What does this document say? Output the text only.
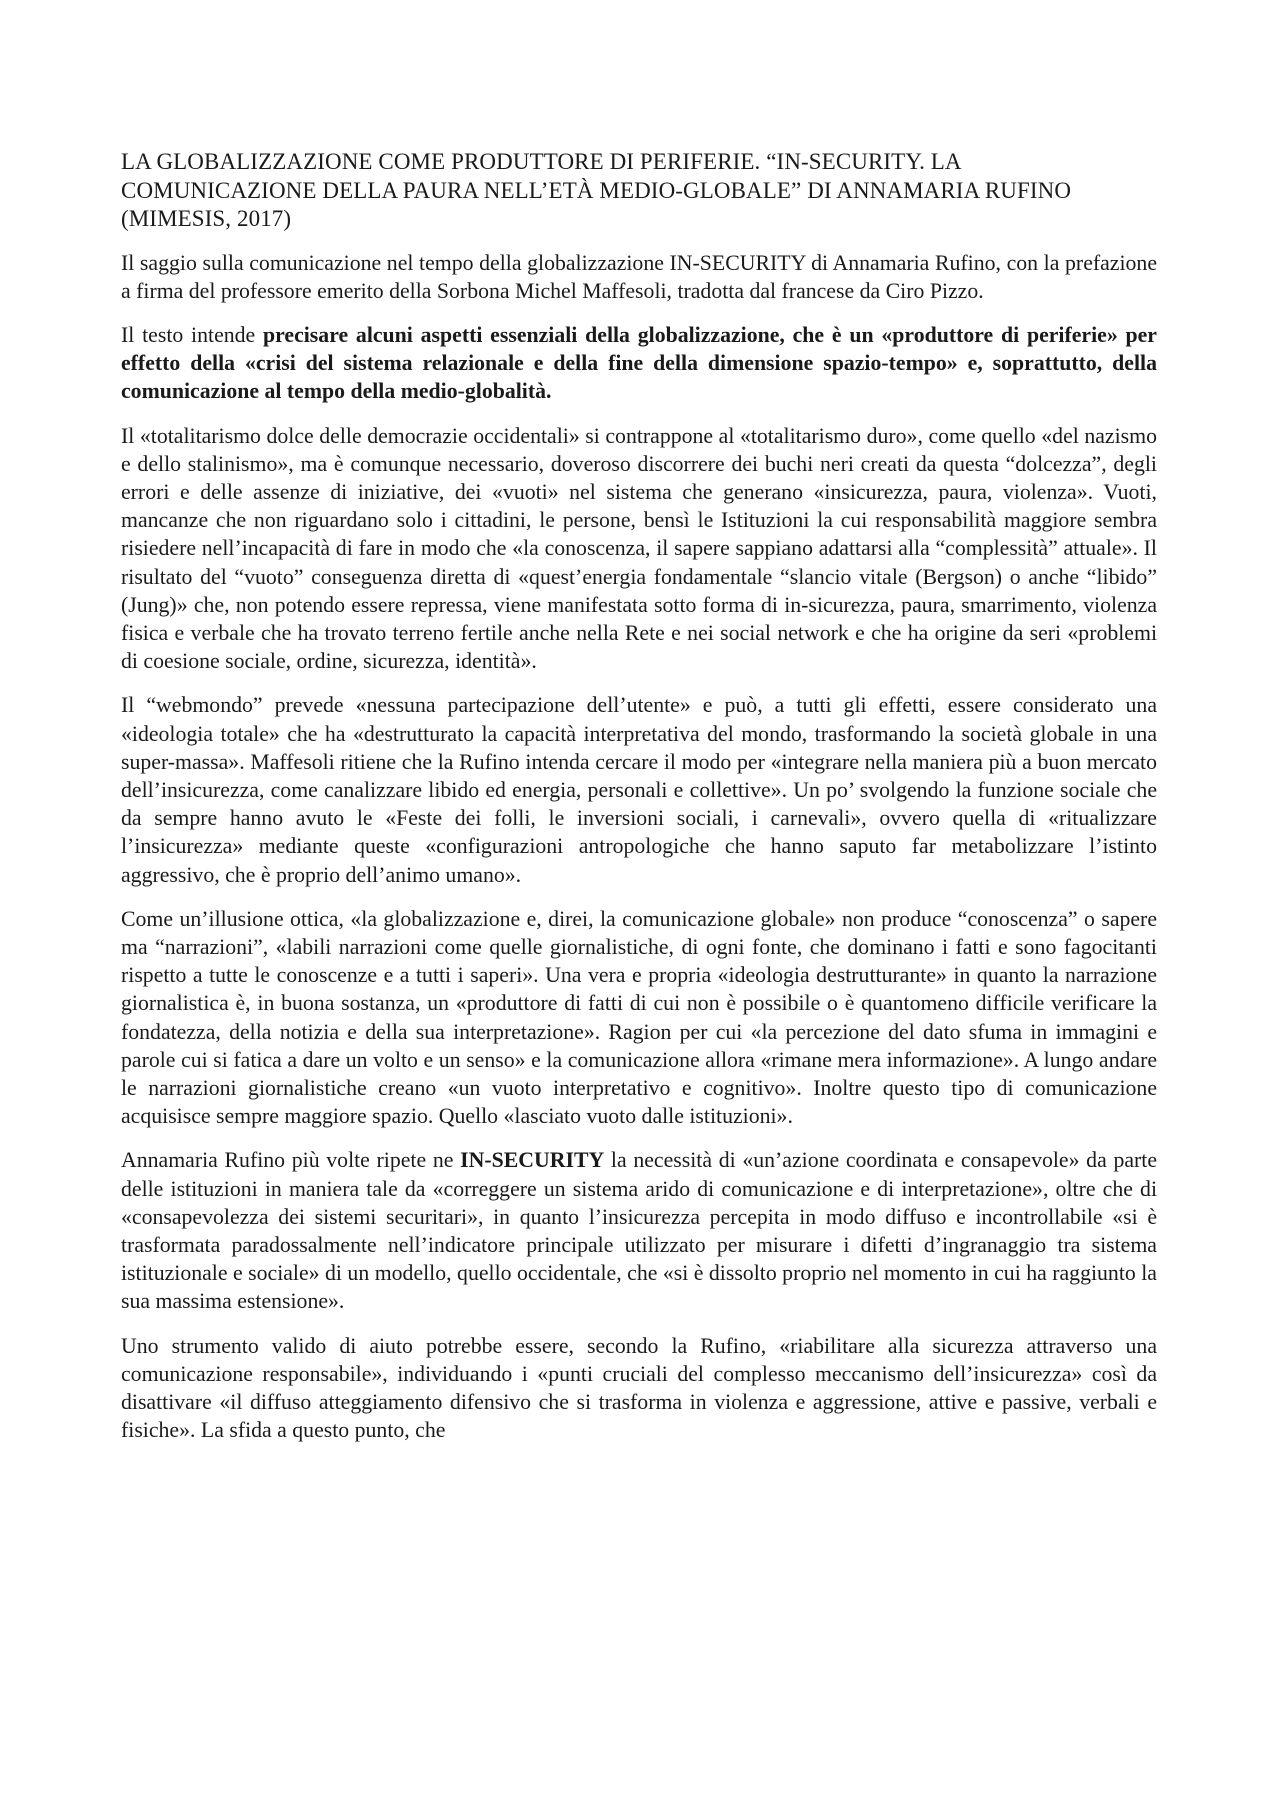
LA GLOBALIZZAZIONE COME PRODUTTORE DI PERIFERIE. “IN-SECURITY. LA COMUNICAZIONE DELLA PAURA NELL’ETÀ MEDIO-GLOBALE” DI ANNAMARIA RUFINO (MIMESIS, 2017)

Il saggio sulla comunicazione nel tempo della globalizzazione IN-SECURITY di Annamaria Rufino, con la prefazione a firma del professore emerito della Sorbona Michel Maffesoli, tradotta dal francese da Ciro Pizzo.

Il testo intende precisare alcuni aspetti essenziali della globalizzazione, che è un «produttore di periferie» per effetto della «crisi del sistema relazionale e della fine della dimensione spazio-tempo» e, soprattutto, della comunicazione al tempo della medio-globalità.

Il «totalitarismo dolce delle democrazie occidentali» si contrappone al «totalitarismo duro», come quello «del nazismo e dello stalinismo», ma è comunque necessario, doveroso discorrere dei buchi neri creati da questa “dolcezza”, degli errori e delle assenze di iniziative, dei «vuoti» nel sistema che generano «insicurezza, paura, violenza». Vuoti, mancanze che non riguardano solo i cittadini, le persone, bensì le Istituzioni la cui responsabilità maggiore sembra risiedere nell’incapacità di fare in modo che «la conoscenza, il sapere sappiano adattarsi alla “complessità” attuale». Il risultato del “vuoto” conseguenza diretta di «quest’energia fondamentale “slancio vitale (Bergson) o anche “libido” (Jung)» che, non potendo essere repressa, viene manifestata sotto forma di in-sicurezza, paura, smarrimento, violenza fisica e verbale che ha trovato terreno fertile anche nella Rete e nei social network e che ha origine da seri «problemi di coesione sociale, ordine, sicurezza, identità».

Il “webmondo” prevede «nessuna partecipazione dell’utente» e può, a tutti gli effetti, essere considerato una «ideologia totale» che ha «destrutturato la capacità interpretativa del mondo, trasformando la società globale in una super-massa». Maffesoli ritiene che la Rufino intenda cercare il modo per «integrare nella maniera più a buon mercato dell’insicurezza, come canalizzare libido ed energia, personali e collettive». Un po’ svolgendo la funzione sociale che da sempre hanno avuto le «Feste dei folli, le inversioni sociali, i carnevali», ovvero quella di «ritualizzare l’insicurezza» mediante queste «configurazioni antropologiche che hanno saputo far metabolizzare l’istinto aggressivo, che è proprio dell’animo umano».

Come un’illusione ottica, «la globalizzazione e, direi, la comunicazione globale» non produce “conoscenza” o sapere ma “narrazioni”, «labili narrazioni come quelle giornalistiche, di ogni fonte, che dominano i fatti e sono fagocitanti rispetto a tutte le conoscenze e a tutti i saperi». Una vera e propria «ideologia destrutturante» in quanto la narrazione giornalistica è, in buona sostanza, un «produttore di fatti di cui non è possibile o è quantomeno difficile verificare la fondatezza, della notizia e della sua interpretazione». Ragion per cui «la percezione del dato sfuma in immagini e parole cui si fatica a dare un volto e un senso» e la comunicazione allora «rimane mera informazione». A lungo andare le narrazioni giornalistiche creano «un vuoto interpretativo e cognitivo». Inoltre questo tipo di comunicazione acquisisce sempre maggiore spazio. Quello «lasciato vuoto dalle istituzioni».

Annamaria Rufino più volte ripete ne IN-SECURITY la necessità di «un’azione coordinata e consapevole» da parte delle istituzioni in maniera tale da «correggere un sistema arido di comunicazione e di interpretazione», oltre che di «consapevolezza dei sistemi securitari», in quanto l’insicurezza percepita in modo diffuso e incontrollabile «si è trasformata paradossalmente nell’indicatore principale utilizzato per misurare i difetti d’ingranaggio tra sistema istituzionale e sociale» di un modello, quello occidentale, che «si è dissolto proprio nel momento in cui ha raggiunto la sua massima estensione».

Uno strumento valido di aiuto potrebbe essere, secondo la Rufino, «riabilitare alla sicurezza attraverso una comunicazione responsabile», individuando i «punti cruciali del complesso meccanismo dell’insicurezza» così da disattivare «il diffuso atteggiamento difensivo che si trasforma in violenza e aggressione, attive e passive, verbali e fisiche». La sfida a questo punto, che
